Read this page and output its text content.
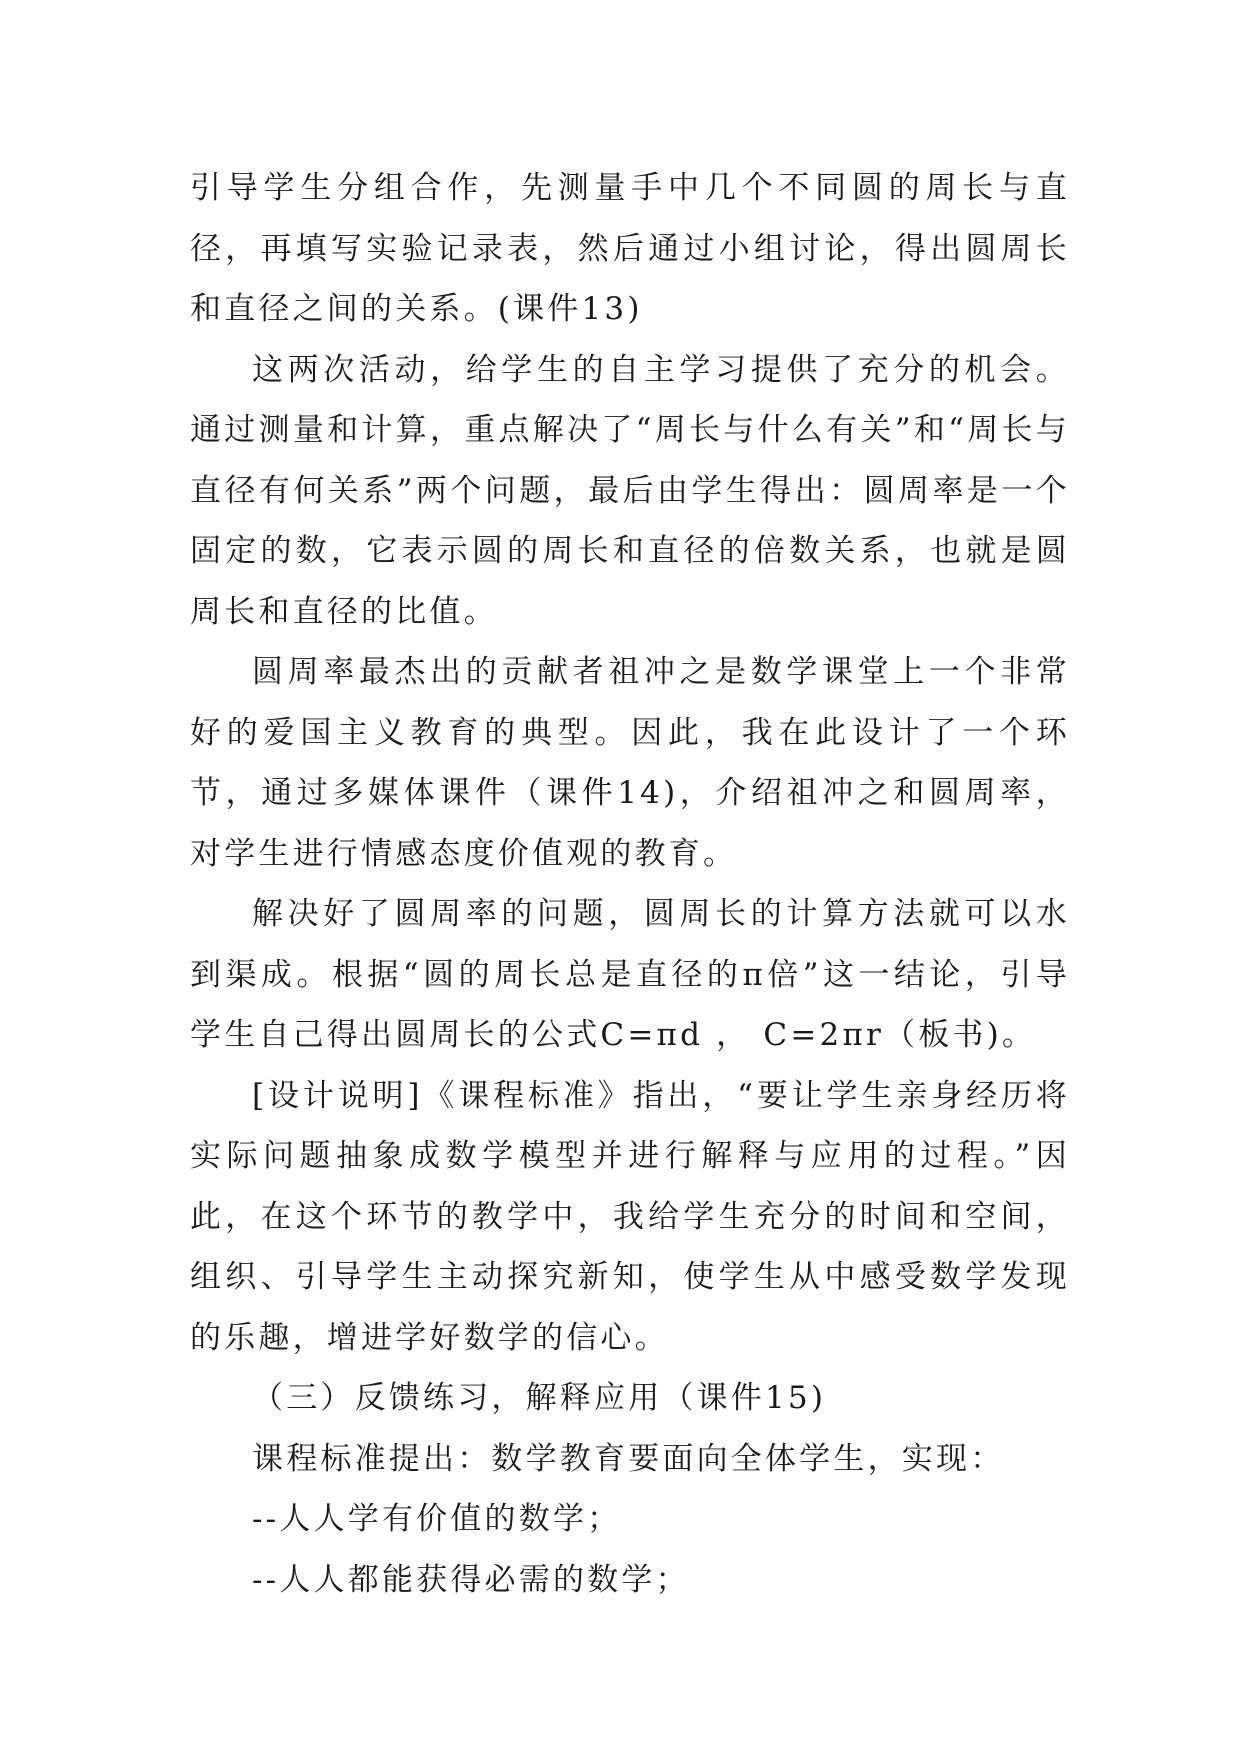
引导学生分组合作，先测量手中几个不同圆的周长与直径，再填写实验记录表，然后通过小组讨论，得出圆周长和直径之间的关系。(课件13)

这两次活动，给学生的自主学习提供了充分的机会。通过测量和计算，重点解决了“周长与什么有关”和“周长与直径有何关系”两个问题，最后由学生得出：圆周率是一个固定的数，它表示圆的周长和直径的倍数关系，也就是圆周长和直径的比值。

圆周率最杰出的贡献者祖冲之是数学课堂上一个非常好的爱国主义教育的典型。因此，我在此设计了一个环节，通过多媒体课件（课件14)，介绍祖冲之和圆周率，对学生进行情感态度价值观的教育。

解决好了圆周率的问题，圆周长的计算方法就可以水到渠成。根据“圆的周长总是直径的π倍”这一结论，引导学生自己得出圆周长的公式C=πd ， C=2πr（板书)。

[设计说明]《课程标准》指出，“要让学生亲身经历将实际问题抽象成数学模型并进行解释与应用的过程。”因此，在这个环节的教学中，我给学生充分的时间和空间，组织、引导学生主动探究新知，使学生从中感受数学发现的乐趣，增进学好数学的信心。

（三）反馈练习，解释应用（课件15)

课程标准提出：数学教育要面向全体学生，实现：

--人人学有价值的数学；

--人人都能获得必需的数学；
